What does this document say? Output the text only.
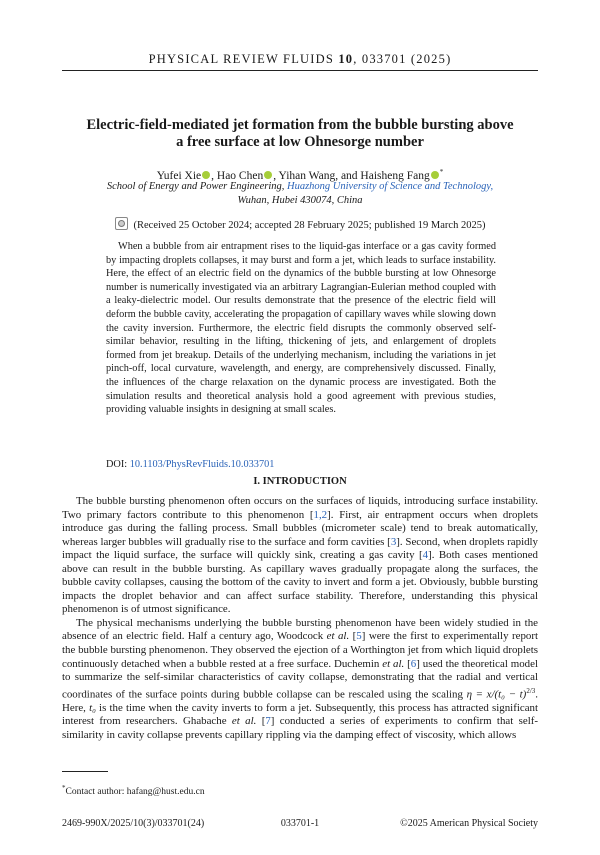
PHYSICAL REVIEW FLUIDS 10, 033701 (2025)
Electric-field-mediated jet formation from the bubble bursting above
a free surface at low Ohnesorge number
Yufei Xie , Hao Chen , Yihan Wang, and Haisheng Fang *
School of Energy and Power Engineering, Huazhong University of Science and Technology,
Wuhan, Hubei 430074, China
(Received 25 October 2024; accepted 28 February 2025; published 19 March 2025)
When a bubble from air entrapment rises to the liquid-gas interface or a gas cavity formed by impacting droplets collapses, it may burst and form a jet, which leads to surface instability. Here, the effect of an electric field on the dynamics of the bubble bursting at low Ohnesorge number is numerically investigated via an arbitrary Lagrangian-Eulerian method coupled with a leaky-dielectric model. Our results demonstrate that the presence of the electric field will deform the bubble cavity, accelerating the propagation of capillary waves while slowing down the cavity inversion. Furthermore, the electric field disrupts the commonly observed self-similar behavior, resulting in the lifting, thickening of jets, and enlargement of droplets formed from jet breakup. Details of the underlying mechanism, including the variations in jet pinch-off, local curvature, wavelength, and energy, are comprehensively discussed. Finally, the influences of the charge relaxation on the dynamic process are investigated. Both the simulation results and theoretical analysis hold a good agreement with previous studies, providing valuable insights in designing at small scales.
DOI: 10.1103/PhysRevFluids.10.033701
I. INTRODUCTION

The bubble bursting phenomenon often occurs on the surfaces of liquids, introducing surface instability. Two primary factors contribute to this phenomenon [1,2]. First, air entrapment occurs when droplets introduce gas during the falling process. Small bubbles (micrometer scale) tend to break automatically, whereas larger bubbles will gradually rise to the surface and form cavities [3]. Second, when droplets rapidly impact the liquid surface, the surface will quickly sink, creating a gas cavity [4]. Both cases mentioned above can result in the bubble bursting. As capillary waves gradually propagate along the surfaces, the bubble cavity collapses, causing the bottom of the cavity to invert and form a jet. Obviously, bubble bursting impacts the droplet behavior and can affect surface stability. Therefore, understanding this physical phenomenon is of utmost significance.

The physical mechanisms underlying the bubble bursting phenomenon have been widely studied in the absence of an electric field. Half a century ago, Woodcock et al. [5] were the first to experimentally report the bubble bursting phenomenon. They observed the ejection of a Worthington jet from which liquid droplets continuously detached when a bubble rested at a free surface. Duchemin et al. [6] used the theoretical model to summarize the self-similar characteristics of cavity collapse, demonstrating that the radial and vertical coordinates of the surface points during bubble collapse can be rescaled using the scaling $\eta = x/(t_0 - t)^{2/3}$. Here, t₀ is the time when the cavity inverts to form a jet. Subsequently, this process has attracted significant interest from researchers. Ghabache et al. [7] conducted a series of experiments to confirm that self-similarity in cavity collapse prevents capillary rippling via the damping effect of viscosity, which allows

*Contact author: hafang@hust.edu.cn
2469-990X/2025/10(3)/033701(24)	033701-1	©2025 American Physical Society
